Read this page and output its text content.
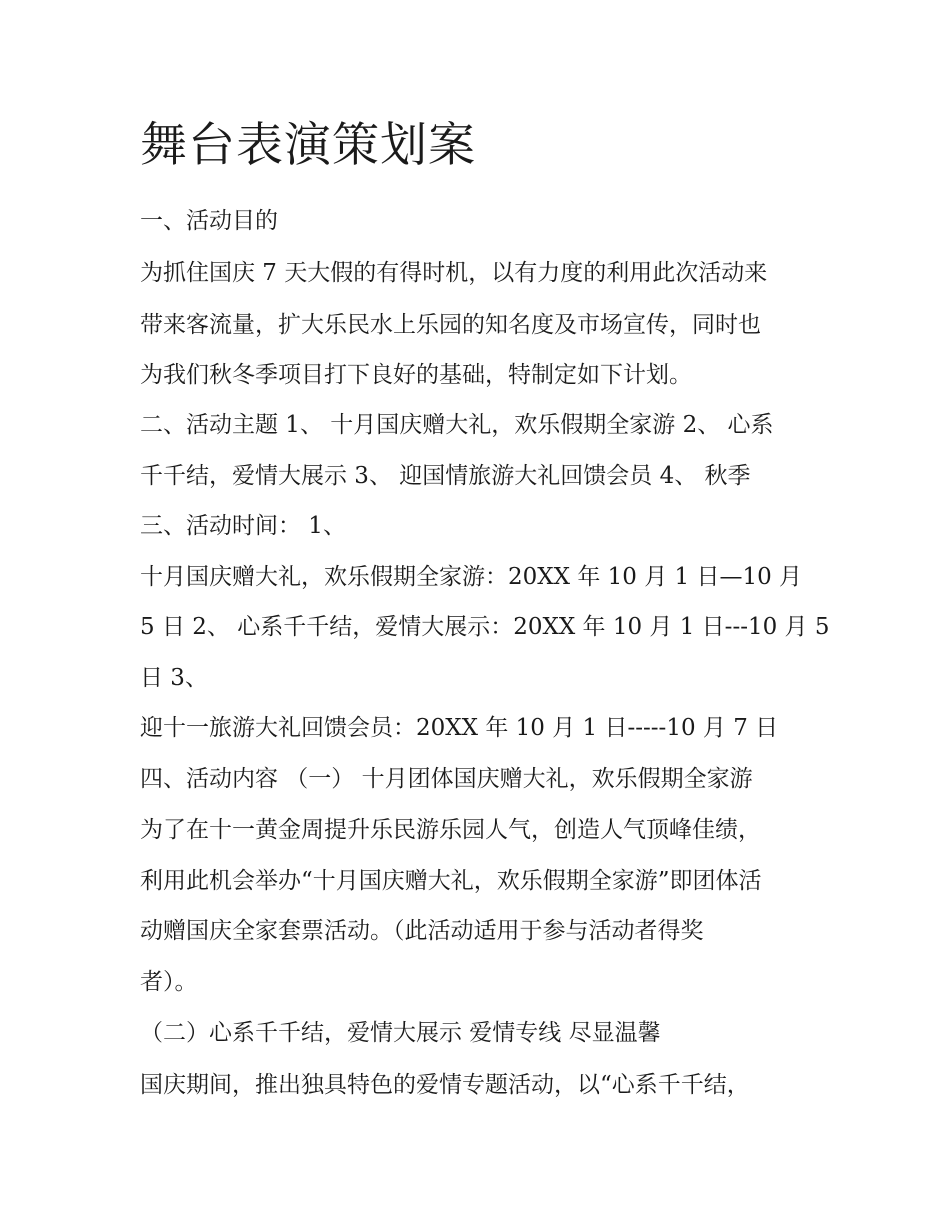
舞台表演策划案

一、活动目的

为抓住国庆 7 天大假的有得时机，以有力度的利用此次活动来

带来客流量，扩大乐民水上乐园的知名度及市场宣传，同时也

为我们秋冬季项目打下良好的基础，特制定如下计划。

二、活动主题 1、 十月国庆赠大礼，欢乐假期全家游 2、 心系

千千结，爱情大展示 3、 迎国情旅游大礼回馈会员 4、 秋季

三、活动时间： 1、

十月国庆赠大礼，欢乐假期全家游：20XX 年 10 月 1 日—10 月

5 日 2、 心系千千结，爱情大展示：20XX 年 10 月 1 日---10 月 5

日 3、

迎十一旅游大礼回馈会员：20XX 年 10 月 1 日-----10 月 7 日

四、活动内容 （一） 十月团体国庆赠大礼，欢乐假期全家游

为了在十一黄金周提升乐民游乐园人气，创造人气顶峰佳绩，

利用此机会举办“十月国庆赠大礼，欢乐假期全家游”即团体活

动赠国庆全家套票活动。（此活动适用于参与活动者得奖

者）。

（二）心系千千结，爱情大展示 爱情专线 尽显温馨

国庆期间，推出独具特色的爱情专题活动，以“心系千千结，
